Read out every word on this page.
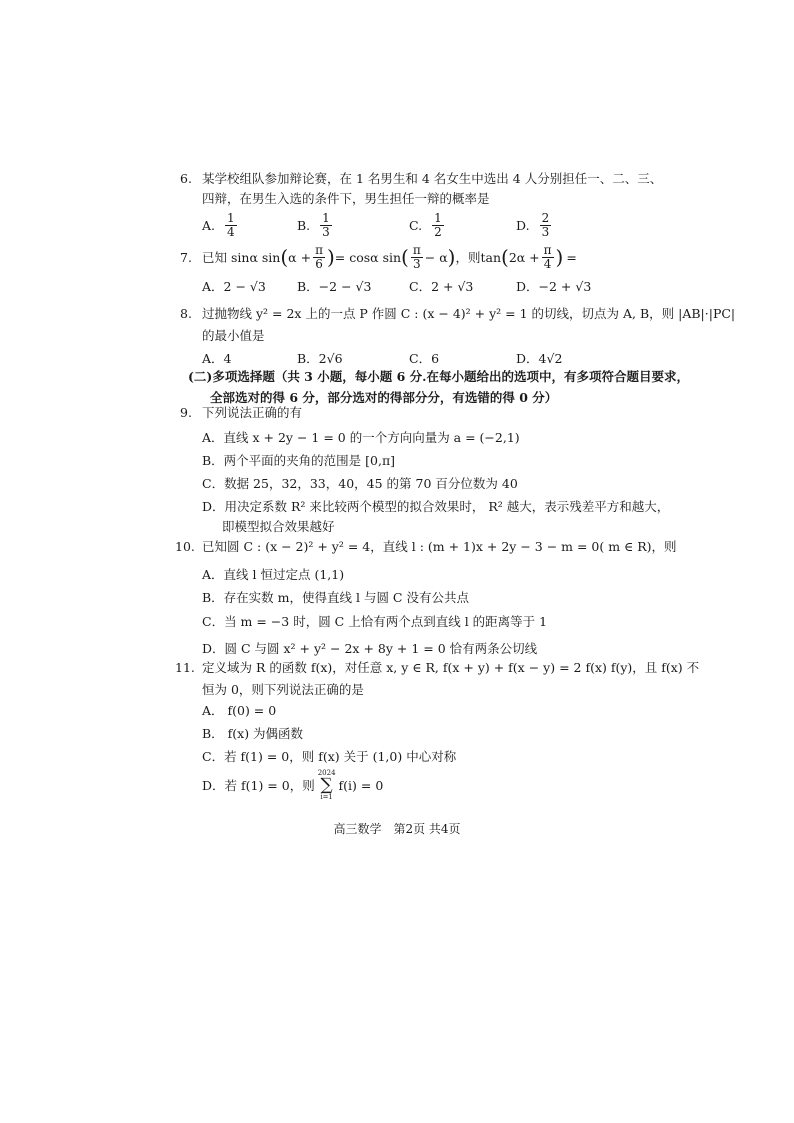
6. 某学校组队参加辩论赛，在 1 名男生和 4 名女生中选出 4 人分别担任一、二、三、
四辩，在男生入选的条件下，男生担任一辩的概率是
A. $\frac{1}{4}$	B. $\frac{1}{3}$	C. $\frac{1}{2}$	D. $\frac{2}{3}$
7. 已知 sinα sin ( $\alpha + \frac{\pi}{6}$ ) = cosα sin ( $\frac{\pi}{3} - \alpha$ ) ，则 tan ( $2\alpha + \frac{\pi}{4}$ ) =
A．2 − √3	B．−2 − √3	C．2 + √3	D．−2 + √3
8. 过抛物线 y² = 2x 上的一点 P 作圆 C : (x − 4)² + y² = 1 的切线，切点为 A, B，则 |AB|·|PC|
的最小值是
A．4	B．2√6	C．6	D．4√2
(二)多项选择题（共 3 小题，每小题 6 分.在每小题给出的选项中，有多项符合题目要求，
全部选对的得 6 分，部分选对的得部分分，有选错的得 0 分）
9. 下列说法正确的有
A．直线 x + 2y − 1 = 0 的一个方向向量为 a = (−2,1)
B．两个平面的夹角的范围是 [0,π]
C．数据 25，32，33，40，45 的第 70 百分位数为 40
D．用决定系数 R² 来比较两个模型的拟合效果时， R² 越大，表示残差平方和越大，
即模型拟合效果越好
10. 已知圆 C : (x − 2)² + y² = 4，直线 l : (m + 1)x + 2y − 3 − m = 0( m ∈ R)，则
A．直线 l 恒过定点 (1,1)
B．存在实数 m，使得直线 l 与圆 C 没有公共点
C．当 m = −3 时，圆 C 上恰有两个点到直线 l 的距离等于 1
D．圆 C 与圆 x² + y² − 2x + 8y + 1 = 0 恰有两条公切线
11. 定义域为 R 的函数 f(x)，对任意 x, y ∈ R, f(x + y) + f(x − y) = 2 f(x) f(y)，且 f(x) 不
恒为 0，则下列说法正确的是
A． f(0) = 0
B． f(x) 为偶函数
C．若 f(1) = 0，则 f(x) 关于 (1,0) 中心对称
D．若 f(1) = 0，则
2024
∑
i=1
f(i) = 0
高三数学　第2页 共4页
